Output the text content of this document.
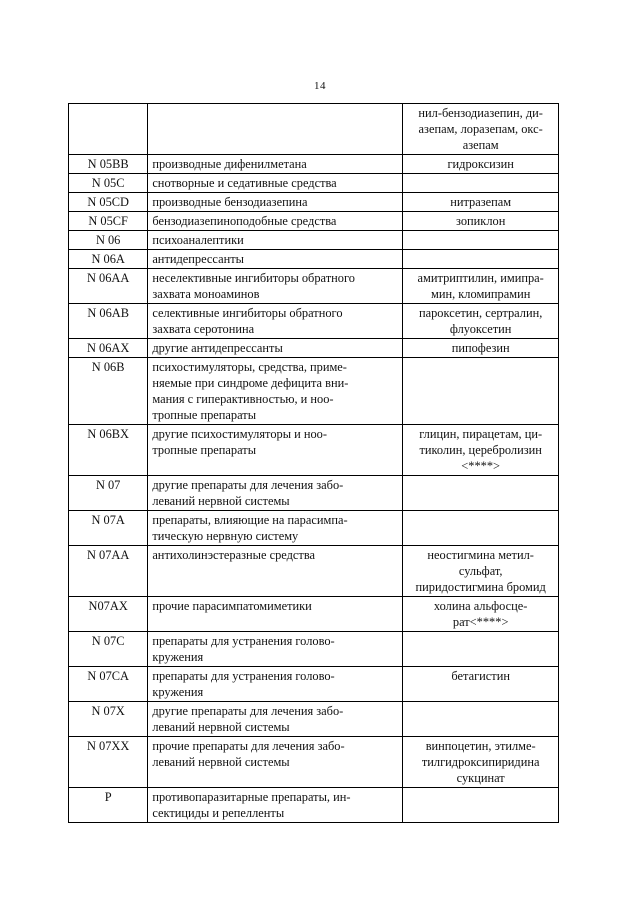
14
		нил-бензодиазепин, ди-
азепам, лоразепам, окс-
азепам
N 05BB	производные дифенилметана	гидроксизин
N 05C	снотворные и седативные средства	
N 05CD	производные бензодиазепина	нитразепам
N 05CF	бензодиазепиноподобные средства	зопиклон
N 06	психоаналептики	
N 06A	антидепрессанты	
N 06AA	неселективные ингибиторы обратного
захвата моноаминов	амитриптилин, имипра-
мин, кломипрамин
N 06AB	селективные ингибиторы обратного
захвата серотонина	пароксетин, сертралин,
флуоксетин
N 06AX	другие антидепрессанты	пипофезин
N 06B	психостимуляторы, средства, приме-
няемые при синдроме дефицита вни-
мания с гиперактивностью, и ноо-
тропные препараты	
N 06BX	другие психостимуляторы и ноо-
тропные препараты	глицин, пирацетам, ци-
тиколин, церебролизин
<****>
N 07	другие препараты для лечения забо-
леваний нервной системы	
N 07A	препараты, влияющие на парасимпа-
тическую нервную систему	
N 07AA	антихолинэстеразные средства	неостигмина метил-
сульфат,
пиридостигмина бромид
N07AX	прочие парасимпатомиметики	холина альфосце-
рат<****>
N 07C	препараты для устранения голово-
кружения	
N 07CA	препараты для устранения голово-
кружения	бетагистин
N 07X	другие препараты для лечения забо-
леваний нервной системы	
N 07XX	прочие препараты для лечения забо-
леваний нервной системы	винпоцетин, этилме-
тилгидроксипиридина
сукцинат
P	противопаразитарные препараты, ин-
сектициды и репелленты	
